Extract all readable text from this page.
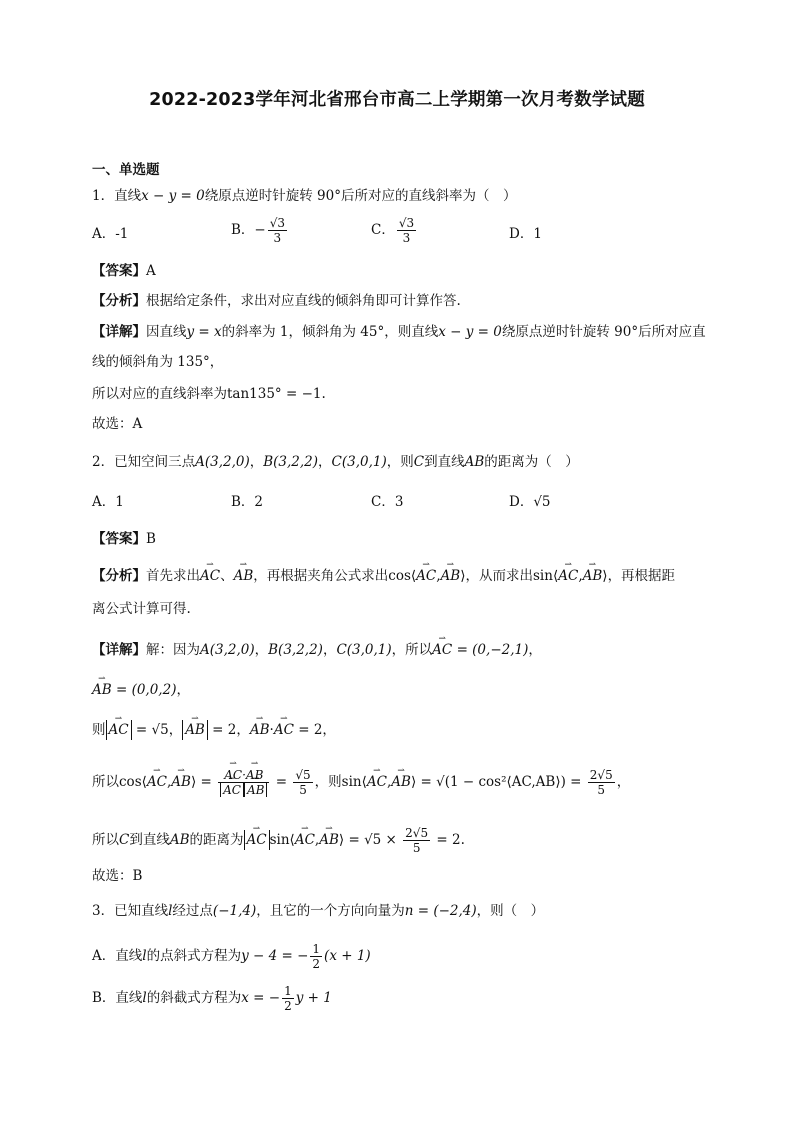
2022-2023学年河北省邢台市高二上学期第一次月考数学试题
一、单选题
1．直线x − y = 0绕原点逆时针旋转 90°后所对应的直线斜率为（　）
A．-1	B．− $\frac{√3}{3}$	C． $\frac{√3}{3}$	D．1
【答案】A
【分析】根据给定条件，求出对应直线的倾斜角即可计算作答.
【详解】因直线y = x的斜率为 1，倾斜角为 45°，则直线x − y = 0绕原点逆时针旋转 90°后所对应直
线的倾斜角为 135°，
所以对应的直线斜率为tan135° = −1.
故选：A
2．已知空间三点A(3,2,0)，B(3,2,2)，C(3,0,1)，则C到直线AB的距离为（　）
A．1	B．2	C．3	D．√5
【答案】B
【分析】首先求出⇀ AC、⇀ AB，再根据夹角公式求出cos⟨⇀ AC,⇀ AB⟩，从而求出sin⟨⇀ AC,⇀ AB⟩，再根据距
离公式计算可得.
【详解】解：因为A(3,2,0)，B(3,2,2)，C(3,0,1)，所以⇀ AC = (0,−2,1)，
⇀ AB = (0,0,2)，
则 ⇀ AC = √5， ⇀ AB = 2，⇀ AB·⇀ AC = 2，
所以cos⟨⇀ AC,⇀ AB⟩ = ⇀ AC·⇀ AB
⇀ AC ⇀ AB = $\frac{√5}{5}$ ，则sin⟨⇀ AC,⇀ AB⟩ = √(1 − cos²⟨AC,AB⟩) = $\frac{2√5}{5}$ ，
所以C到直线AB的距离为 ⇀ AC sin⟨⇀ AC,⇀ AB⟩ = $√5 \times \frac{2√5}{5} = 2$.
故选：B
3．已知直线l经过点(−1,4)，且它的一个方向向量为n = (−2,4)，则（　）
A．直线l的点斜式方程为y − 4 = − $\frac{1}{2} (x + 1)$
B．直线l的斜截式方程为x = − $\frac{1}{2}$ y + 1
